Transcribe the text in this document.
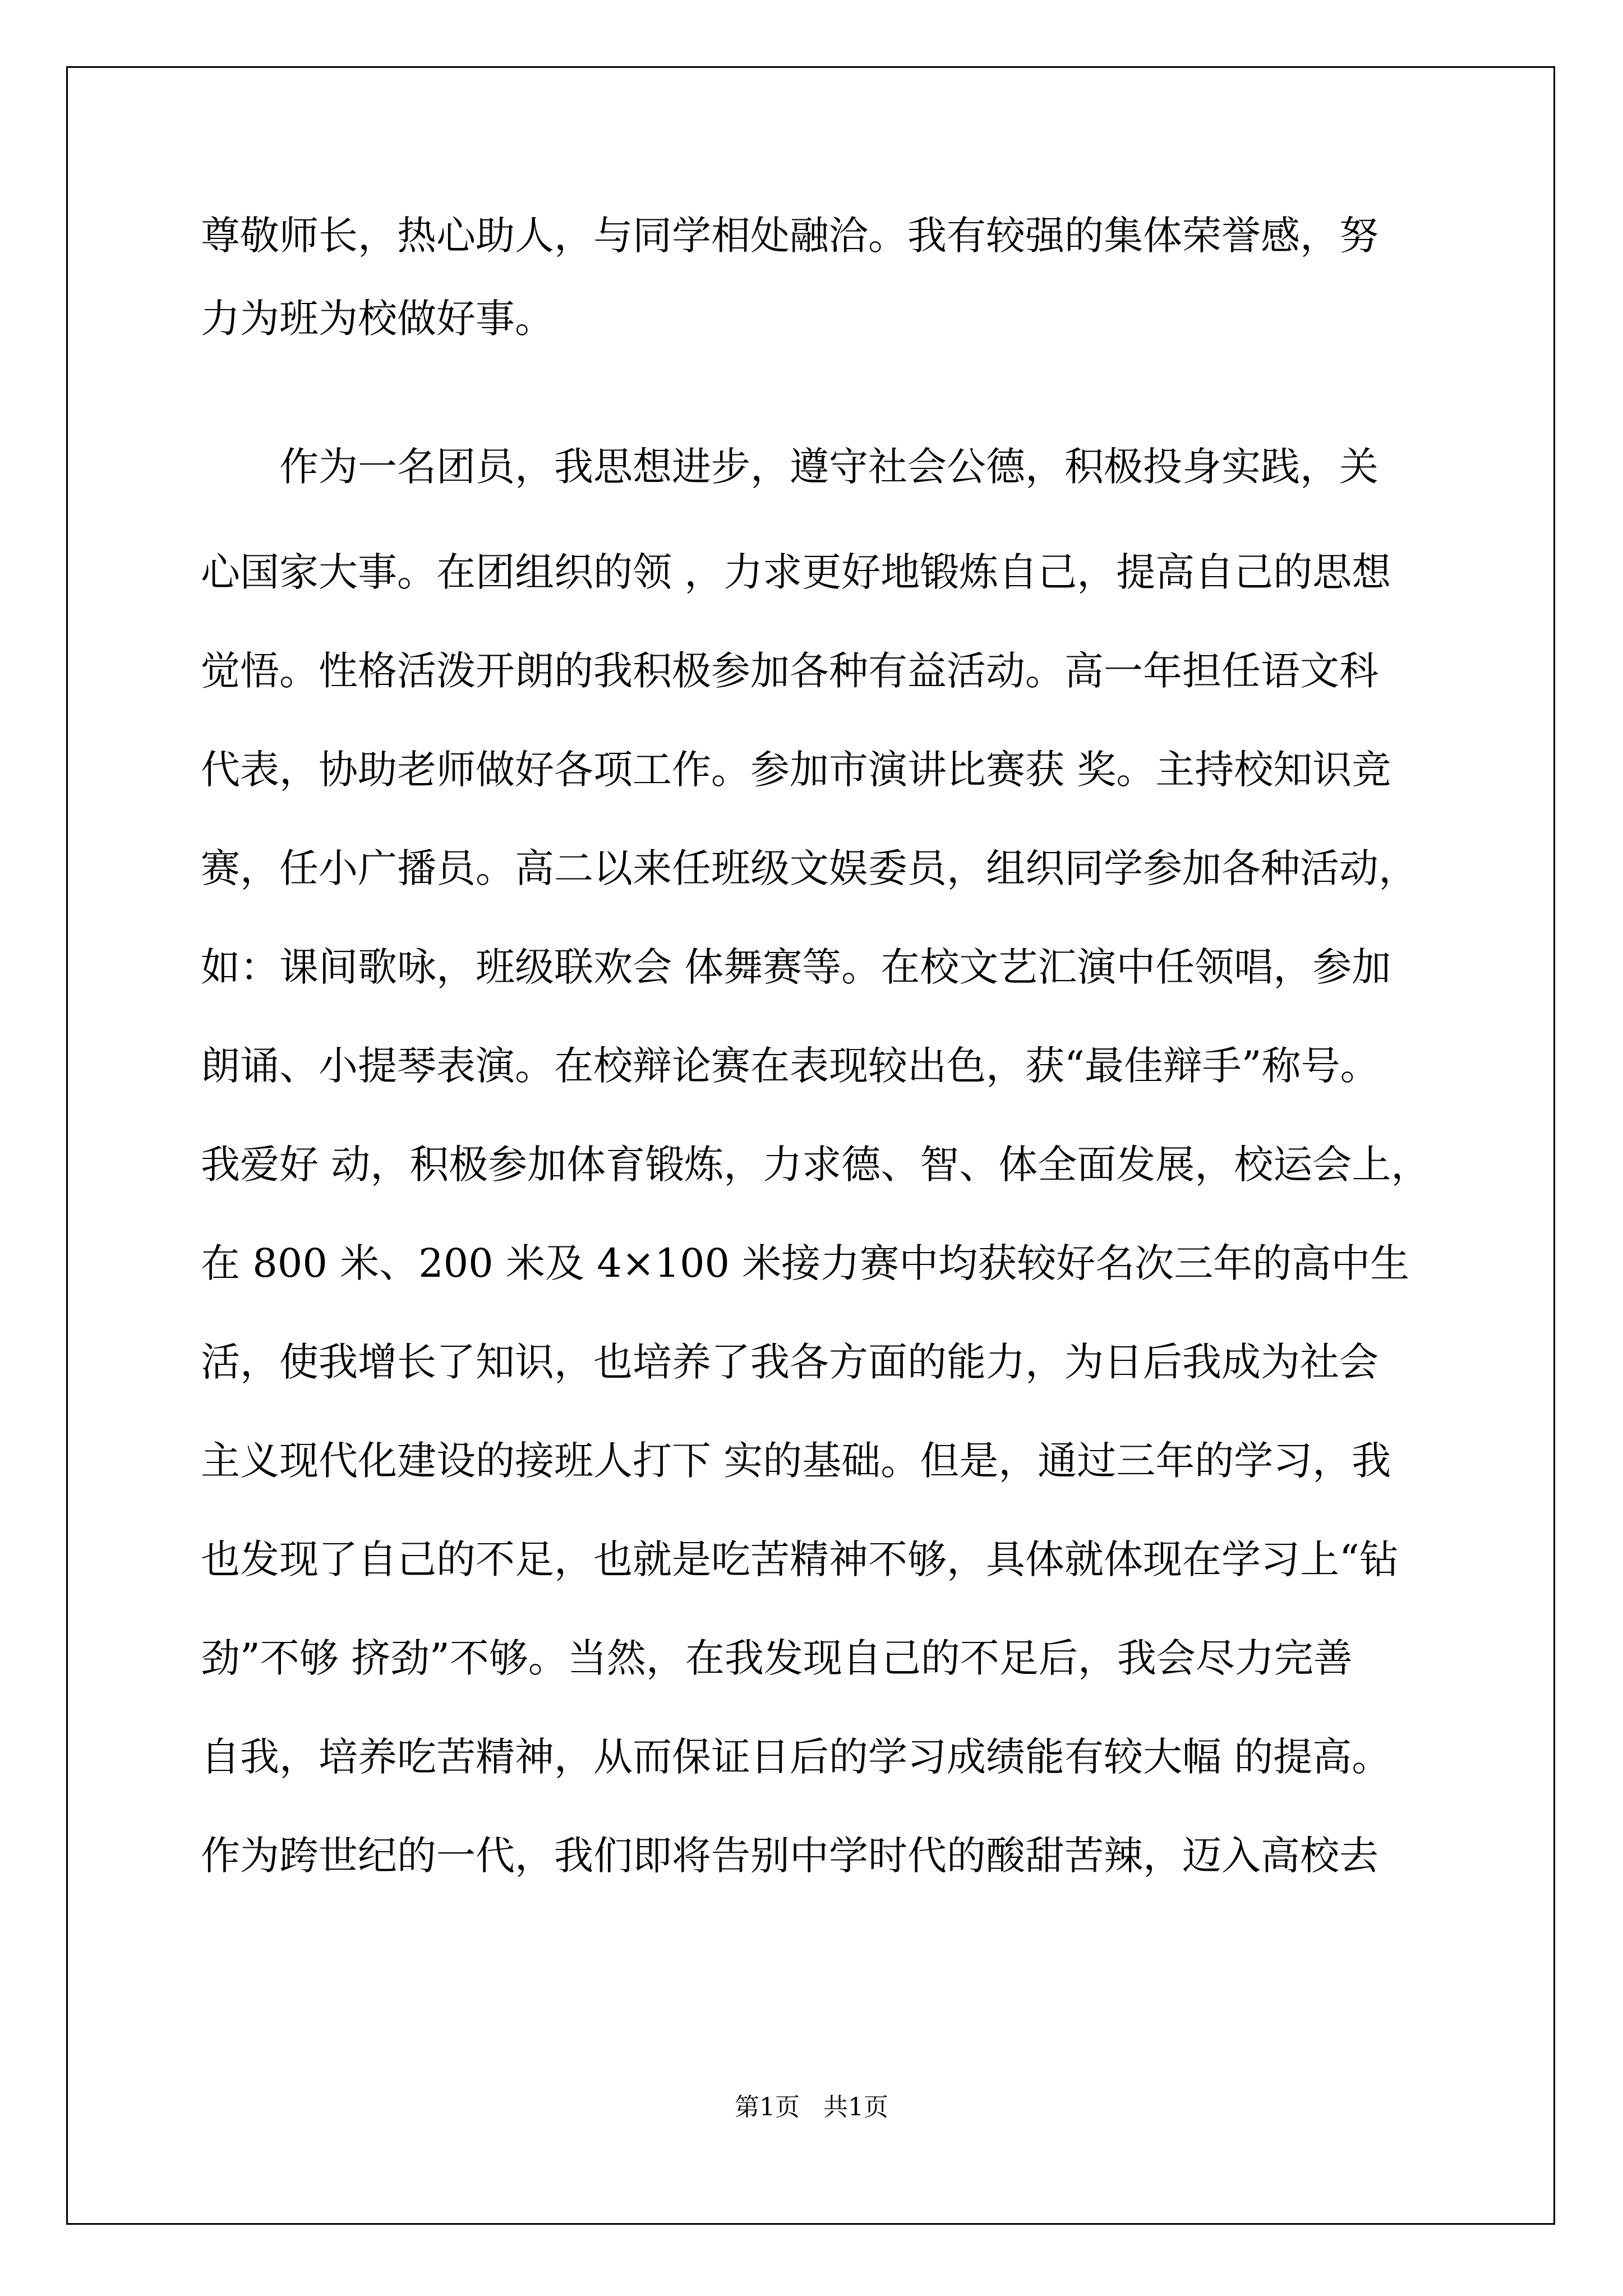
尊敬师长，热心助人，与同学相处融洽。我有较强的集体荣誉感，努

力为班为校做好事。

作为一名团员，我思想进步，遵守社会公德，积极投身实践，关

心国家大事。在团组织的领 ，力求更好地锻炼自己，提高自己的思想

觉悟。性格活泼开朗的我积极参加各种有益活动。高一年担任语文科

代表，协助老师做好各项工作。参加市演讲比赛获 奖。主持校知识竞

赛，任小广播员。高二以来任班级文娱委员，组织同学参加各种活动，

如：课间歌咏，班级联欢会 体舞赛等。在校文艺汇演中任领唱，参加

朗诵、小提琴表演。在校辩论赛在表现较出色，获“最佳辩手”称号。

我爱好 动，积极参加体育锻炼，力求德、智、体全面发展，校运会上，

在 800 米、200 米及 4×100 米接力赛中均获较好名次三年的高中生

活，使我增长了知识，也培养了我各方面的能力，为日后我成为社会

主义现代化建设的接班人打下 实的基础。但是，通过三年的学习，我

也发现了自己的不足，也就是吃苦精神不够，具体就体现在学习上“钻

劲”不够 挤劲”不够。当然，在我发现自己的不足后，我会尽力完善

自我，培养吃苦精神，从而保证日后的学习成绩能有较大幅 的提高。

作为跨世纪的一代，我们即将告别中学时代的酸甜苦辣，迈入高校去

第1页   共1页
